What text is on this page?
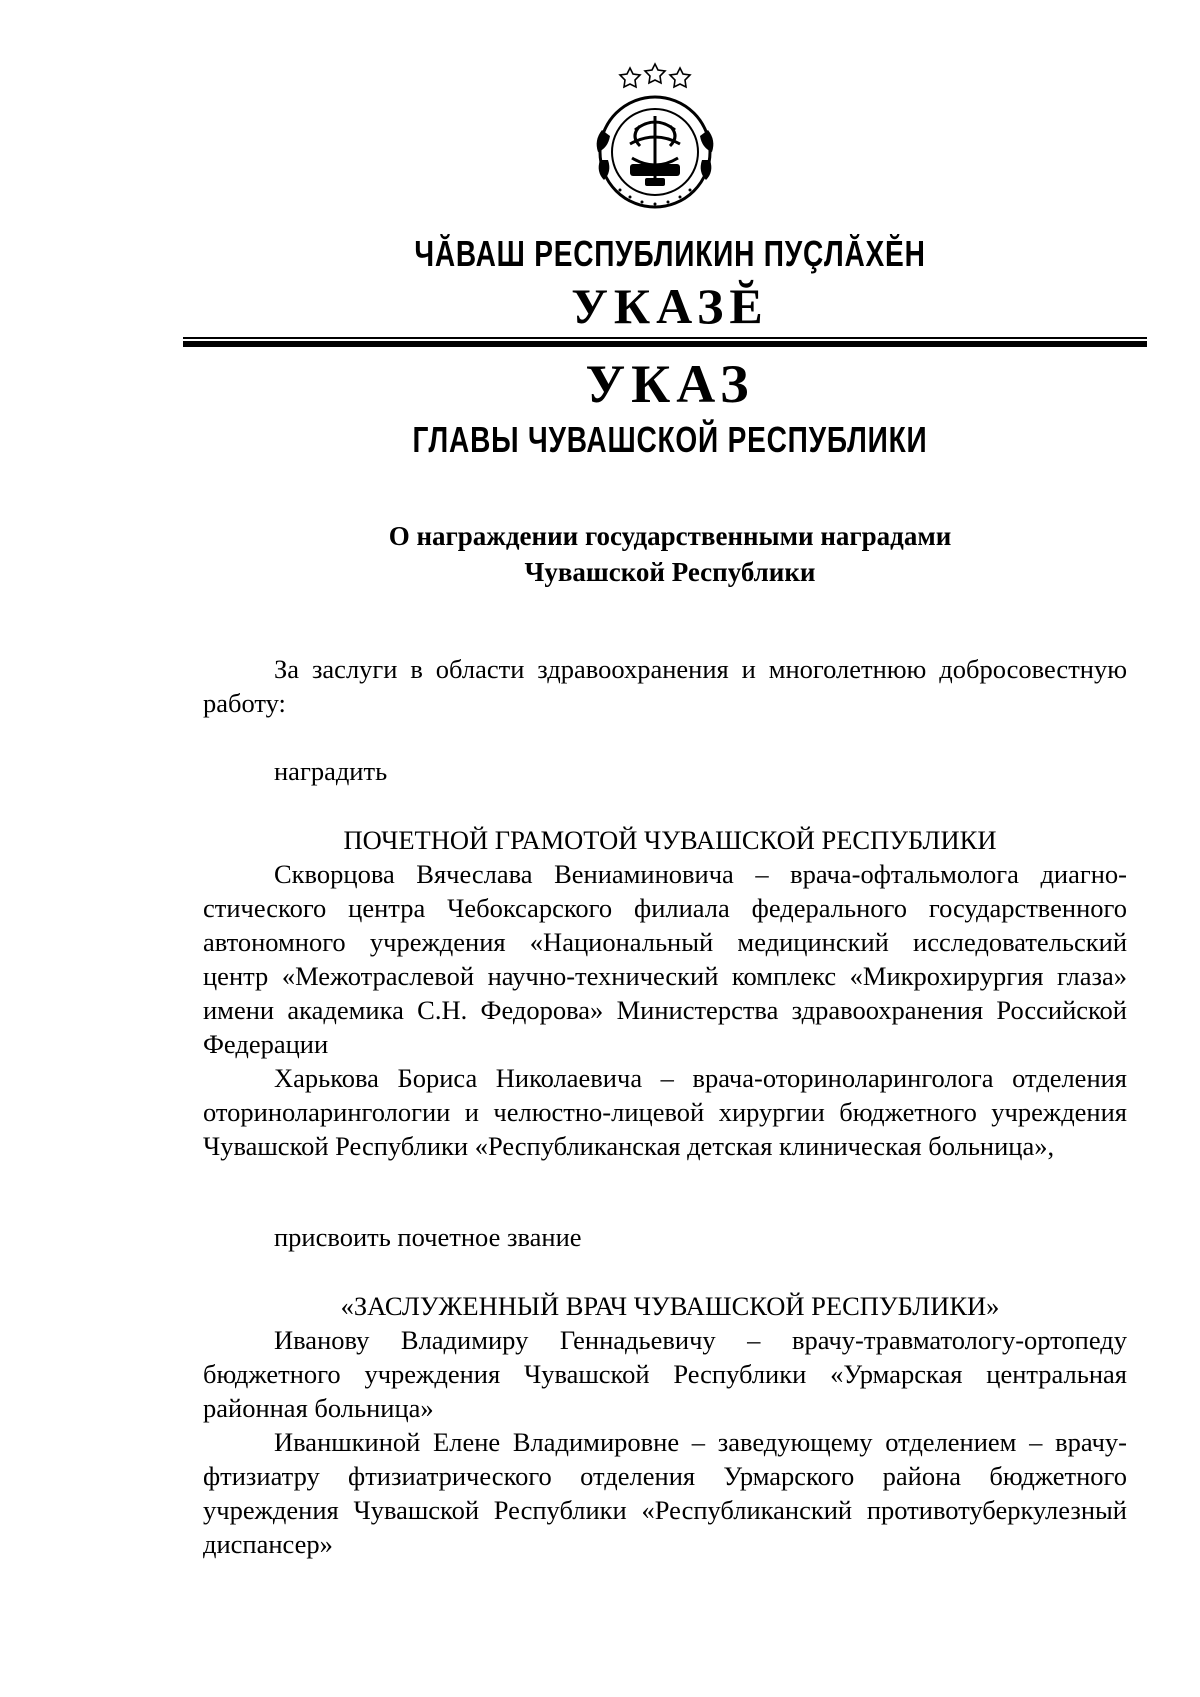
ЧĂВАШ РЕСПУБЛИКИН ПУÇЛĂХĔН
УКАЗĔ
УКАЗ
ГЛАВЫ ЧУВАШСКОЙ РЕСПУБЛИКИ
О награждении государственными наградами
Чувашской Республики
За заслуги в области здравоохранения и многолетнюю добросовестную работу:
наградить
ПОЧЕТНОЙ ГРАМОТОЙ ЧУВАШСКОЙ РЕСПУБЛИКИ
Скворцова Вячеслава Вениаминовича – врача-офтальмолога диагностического центра Чебоксарского филиала федерального государственного автономного учреждения «Национальный медицинский исследовательский центр «Межотраслевой научно-технический комплекс «Микрохирургия глаза» имени академика С.Н. Федорова» Министерства здравоохранения Российской Федерации
Харькова Бориса Николаевича – врача-оториноларинголога отделения оториноларингологии и челюстно-лицевой хирургии бюджетного учреждения Чувашской Республики «Республиканская детская клиническая больница»,
присвоить почетное звание
«ЗАСЛУЖЕННЫЙ ВРАЧ ЧУВАШСКОЙ РЕСПУБЛИКИ»
Иванову Владимиру Геннадьевичу – врачу-травматологу-ортопеду бюджетного учреждения Чувашской Республики «Урмарская центральная районная больница»
Иваншкиной Елене Владимировне – заведующему отделением – врачу-фтизиатру фтизиатрического отделения Урмарского района бюджетного учреждения Чувашской Республики «Республиканский противотуберкулезный диспансер»
